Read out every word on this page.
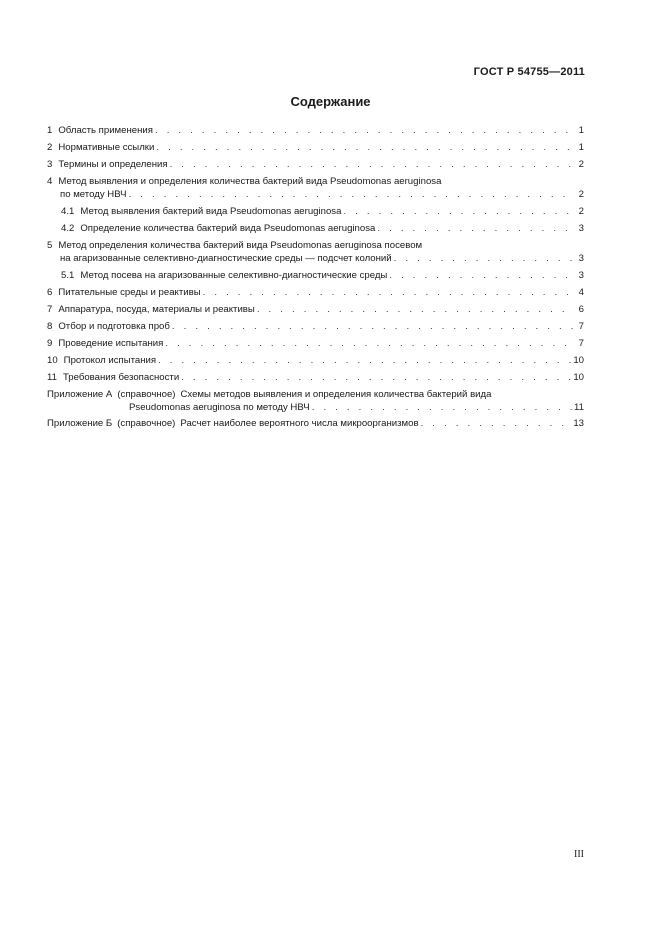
ГОСТ Р 54755—2011
Содержание
1 Область применения . . .	1
2 Нормативные ссылки . . .	1
3 Термины и определения . . .	2
4 Метод выявления и определения количества бактерий вида Pseudomonas aeruginosa
по методу НВЧ . . .	2
4.1 Метод выявления бактерий вида Pseudomonas aeruginosa . . .	2
4.2 Определение количества бактерий вида Pseudomonas aeruginosa . . .	3
5 Метод определения количества бактерий вида Pseudomonas aeruginosa посевом
на агаризованные селективно-диагностические среды — подсчет колоний . . .	3
5.1 Метод посева на агаризованные селективно-диагностические среды . . .	3
6 Питательные среды и реактивы . . .	4
7 Аппаратура, посуда, материалы и реактивы . . .	6
8 Отбор и подготовка проб . . .	7
9 Проведение испытания . . .	7
10 Протокол испытания . . .	10
11 Требования безопасности . . .	10
Приложение А (справочное) Схемы методов выявления и определения количества бактерий вида
Pseudomonas aeruginosa по методу НВЧ . . .	11
Приложение Б (справочное) Расчет наиболее вероятного числа микроорганизмов . . .	13
III
